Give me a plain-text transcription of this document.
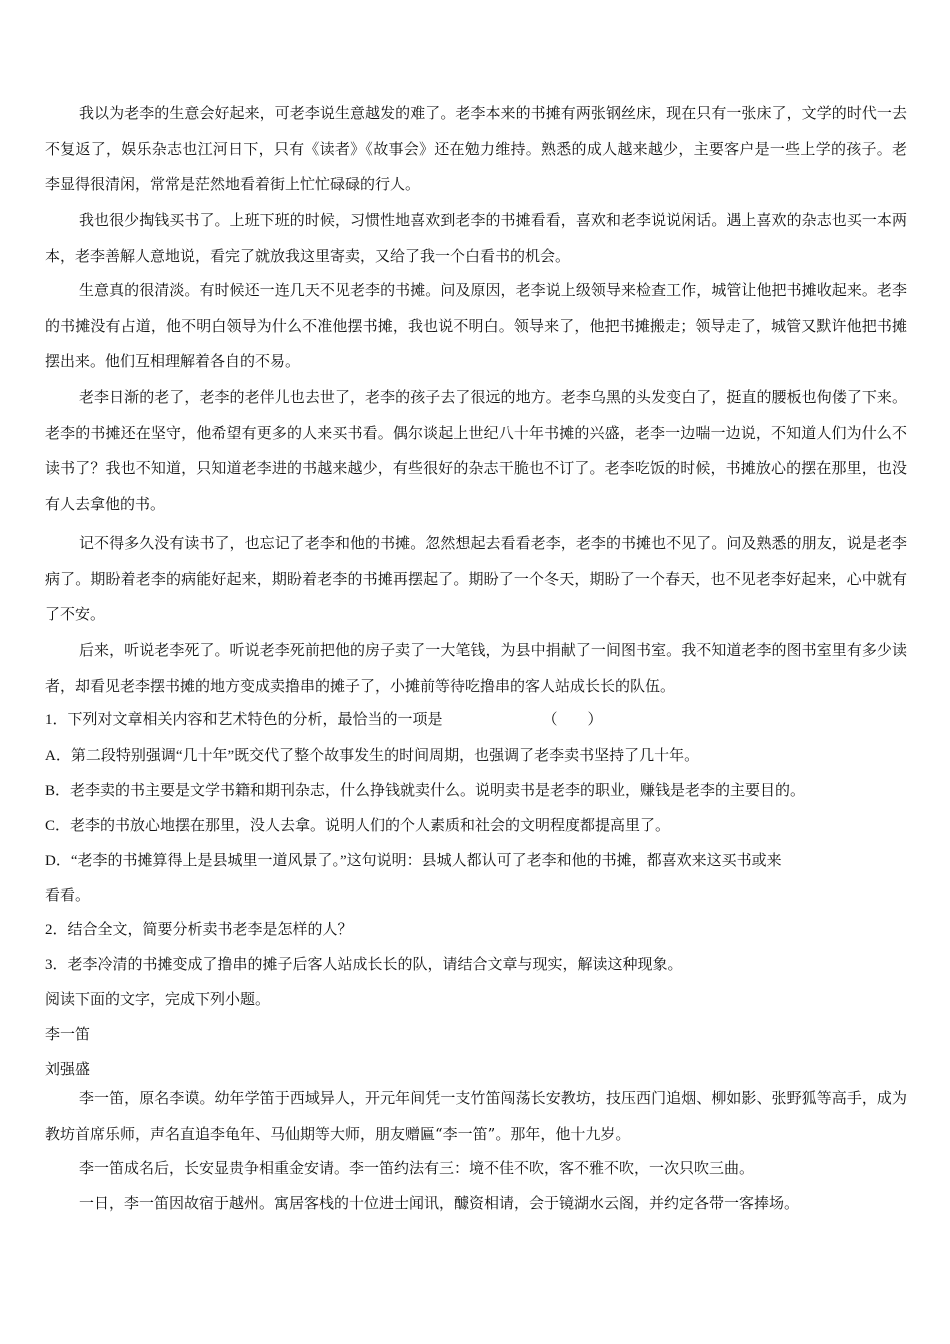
我以为老李的生意会好起来，可老李说生意越发的难了。老李本来的书摊有两张钢丝床，现在只有一张床了，文学的时代一去不复返了，娱乐杂志也江河日下，只有《读者》《故事会》还在勉力维持。熟悉的成人越来越少，主要客户是一些上学的孩子。老李显得很清闲，常常是茫然地看着街上忙忙碌碌的行人。

我也很少掏钱买书了。上班下班的时候，习惯性地喜欢到老李的书摊看看，喜欢和老李说说闲话。遇上喜欢的杂志也买一本两本，老李善解人意地说，看完了就放我这里寄卖，又给了我一个白看书的机会。

生意真的很清淡。有时候还一连几天不见老李的书摊。问及原因，老李说上级领导来检查工作，城管让他把书摊收起来。老李的书摊没有占道，他不明白领导为什么不准他摆书摊，我也说不明白。领导来了，他把书摊搬走；领导走了，城管又默许他把书摊摆出来。他们互相理解着各自的不易。

老李日渐的老了，老李的老伴儿也去世了，老李的孩子去了很远的地方。老李乌黑的头发变白了，挺直的腰板也佝偻了下来。老李的书摊还在坚守，他希望有更多的人来买书看。偶尔谈起上世纪八十年书摊的兴盛，老李一边喘一边说，不知道人们为什么不读书了？我也不知道，只知道老李进的书越来越少，有些很好的杂志干脆也不订了。老李吃饭的时候，书摊放心的摆在那里，也没有人去拿他的书。

记不得多久没有读书了，也忘记了老李和他的书摊。忽然想起去看看老李，老李的书摊也不见了。问及熟悉的朋友，说是老李病了。期盼着老李的病能好起来，期盼着老李的书摊再摆起了。期盼了一个冬天，期盼了一个春天，也不见老李好起来，心中就有了不安。

后来，听说老李死了。听说老李死前把他的房子卖了一大笔钱，为县中捐献了一间图书室。我不知道老李的图书室里有多少读者，却看见老李摆书摊的地方变成卖撸串的摊子了，小摊前等待吃撸串的客人站成长长的队伍。

1．下列对文章相关内容和艺术特色的分析，最恰当的一项是	（　　）
A．第二段特别强调“几十年”既交代了整个故事发生的时间周期，也强调了老李卖书坚持了几十年。
B．老李卖的书主要是文学书籍和期刊杂志，什么挣钱就卖什么。说明卖书是老李的职业，赚钱是老李的主要目的。
C．老李的书放心地摆在那里，没人去拿。说明人们的个人素质和社会的文明程度都提高里了。
D．“老李的书摊算得上是县城里一道风景了。”这句说明：县城人都认可了老李和他的书摊，都喜欢来这买书或来
看看。
2．结合全文，简要分析卖书老李是怎样的人？
3．老李冷清的书摊变成了撸串的摊子后客人站成长长的队，请结合文章与现实，解读这种现象。
阅读下面的文字，完成下列小题。
李一笛
刘强盛

李一笛，原名李谟。幼年学笛于西域异人，开元年间凭一支竹笛闯荡长安教坊，技压西门追烟、柳如影、张野狐等高手，成为教坊首席乐师，声名直追李龟年、马仙期等大师，朋友赠匾“李一笛”。那年，他十九岁。

李一笛成名后，长安显贵争相重金安请。李一笛约法有三：境不佳不吹，客不雅不吹，一次只吹三曲。

一日，李一笛因故宿于越州。寓居客栈的十位进士闻讯，醵资相请，会于镜湖水云阁，并约定各带一客捧场。
